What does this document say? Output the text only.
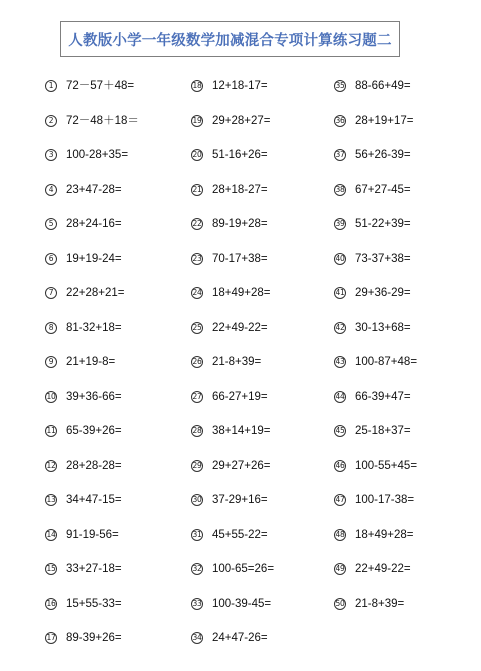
人教版小学一年级数学加减混合专项计算练习题二
1	72－57＋48=
2	72－48＋18＝
3	100-28+35=
4	23+47-28=
5	28+24-16=
6	19+19-24=
7	22+28+21=
8	81-32+18=
9	21+19-8=
10 39+36-66=
11 65-39+26=
12 28+28-28=
13 34+47-15=
14 91-19-56=
15 33+27-18=
16 15+55-33=
17 89-39+26=
18 12+18-17=
19 29+28+27=
20 51-16+26=
21 28+18-27=
22 89-19+28=
23 70-17+38=
24 18+49+28=
25 22+49-22=
26 21-8+39=
27 66-27+19=
28 38+14+19=
29 29+27+26=
30 37-29+16=
31 45+55-22=
32 100-65=26=
33 100-39-45=
34 24+47-26=
35 88-66+49=
36 28+19+17=
37 56+26-39=
38 67+27-45=
39 51-22+39=
40 73-37+38=
41 29+36-29=
42 30-13+68=
43 100-87+48=
44 66-39+47=
45 25-18+37=
46 100-55+45=
47 100-17-38=
48 18+49+28=
49 22+49-22=
50 21-8+39=
